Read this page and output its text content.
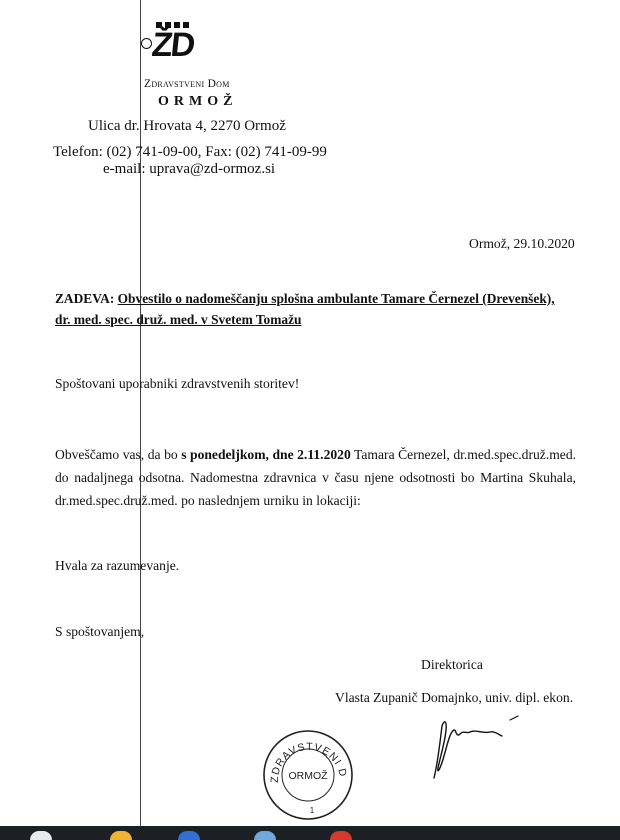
ŽD
Zdravstveni Dom
ORMOŽ
Ulica dr. Hrovata 4, 2270 Ormož
Telefon: (02) 741-09-00, Fax: (02) 741-09-99
e-mail: uprava@zd-ormoz.si
Ormož, 29.10.2020
ZADEVA: Obvestilo o nadomeščanju splošna ambulante Tamare Černezel (Drevenšek),
dr. med. spec. druž. med. v Svetem Tomažu
Spoštovani uporabniki zdravstvenih storitev!
Obveščamo vas, da bo s ponedeljkom, dne 2.11.2020 Tamara Černezel, dr.med.spec.druž.med. do nadaljnega odsotna. Nadomestna zdravnica v času njene odsotnosti bo Martina Skuhala, dr.med.spec.druž.med. po naslednjem urniku in lokaciji:
Hvala za razumevanje.
S spoštovanjem,
Direktorica
Vlasta Zupanič Domajnko, univ. dipl. ekon.
ZDRAVSTVENI D
ORMOŽ
1
